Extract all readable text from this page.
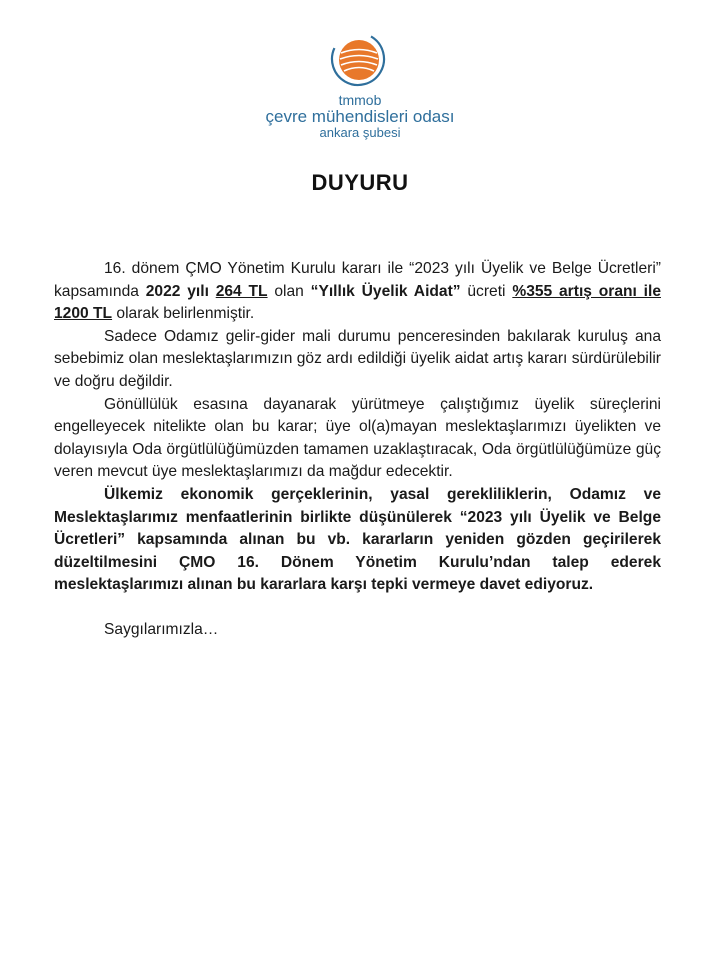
tmmob
çevre mühendisleri odası
ankara şubesi
DUYURU

16. dönem ÇMO Yönetim Kurulu kararı ile “2023 yılı Üyelik ve Belge Ücretleri” kapsamında 2022 yılı 264 TL olan “Yıllık Üyelik Aidat” ücreti %355 artış oranı ile 1200 TL olarak belirlenmiştir.

Sadece Odamız gelir-gider mali durumu penceresinden bakılarak kuruluş ana sebebimiz olan meslektaşlarımızın göz ardı edildiği üyelik aidat artış kararı sürdürülebilir ve doğru değildir.

Gönüllülük esasına dayanarak yürütmeye çalıştığımız üyelik süreçlerini engelleyecek nitelikte olan bu karar; üye ol(a)mayan meslektaşlarımızı üyelikten ve dolayısıyla Oda örgütlülüğümüzden tamamen uzaklaştıracak, Oda örgütlülüğümüze güç veren mevcut üye meslektaşlarımızı da mağdur edecektir.

Ülkemiz ekonomik gerçeklerinin, yasal gerekliliklerin, Odamız ve Meslektaşlarımız menfaatlerinin birlikte düşünülerek “2023 yılı Üyelik ve Belge Ücretleri” kapsamında alınan bu vb. kararların yeniden gözden geçirilerek düzeltilmesini ÇMO 16. Dönem Yönetim Kurulu’ndan talep ederek meslektaşlarımızı alınan bu kararlara karşı tepki vermeye davet ediyoruz.

Saygılarımızla…
